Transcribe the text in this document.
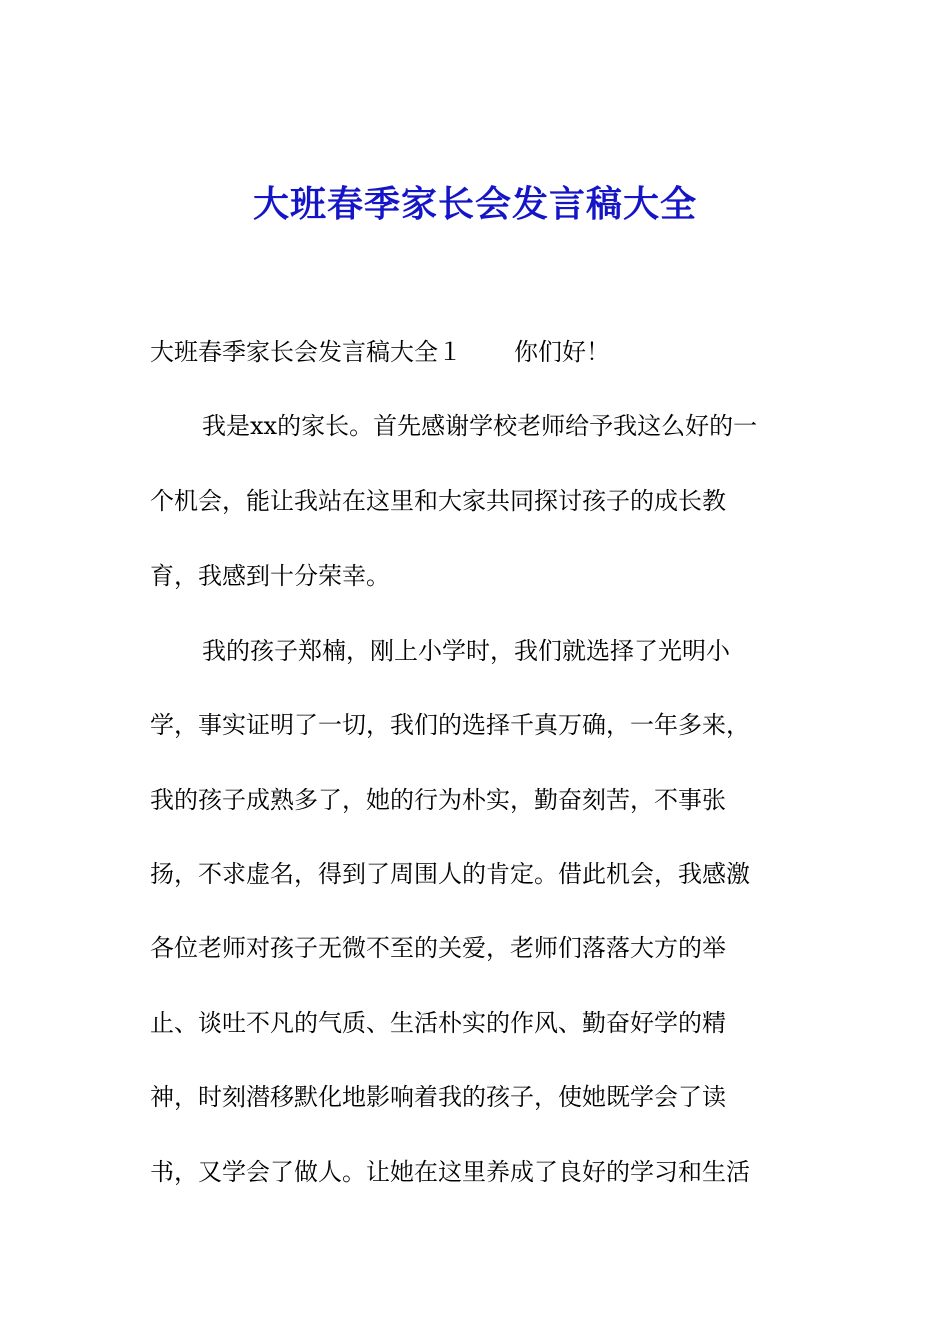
大班春季家长会发言稿大全
大班春季家长会发言稿大全１ 你们好！
我是xx的家长。首先感谢学校老师给予我这么好的一
个机会，能让我站在这里和大家共同探讨孩子的成长教
育，我感到十分荣幸。
我的孩子郑楠，刚上小学时，我们就选择了光明小
学，事实证明了一切，我们的选择千真万确，一年多来，
我的孩子成熟多了，她的行为朴实，勤奋刻苦，不事张
扬，不求虚名，得到了周围人的肯定。借此机会，我感激
各位老师对孩子无微不至的关爱，老师们落落大方的举
止、谈吐不凡的气质、生活朴实的作风、勤奋好学的精
神，时刻潜移默化地影响着我的孩子，使她既学会了读
书，又学会了做人。让她在这里养成了良好的学习和生活
